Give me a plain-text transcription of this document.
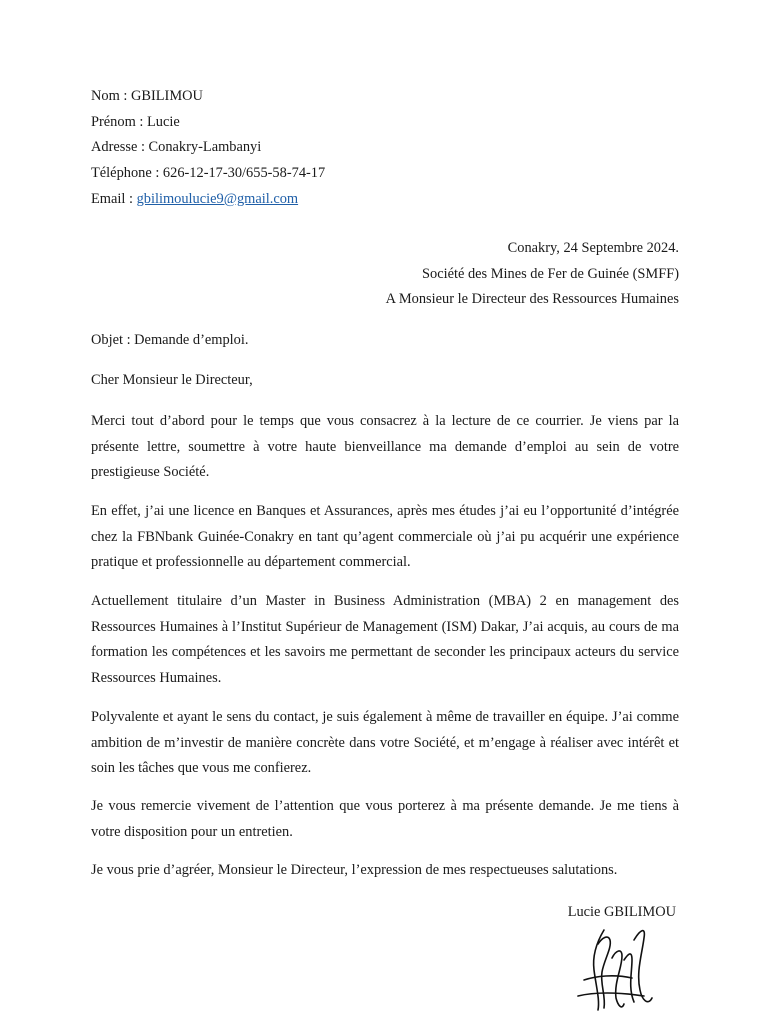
Nom : GBILIMOU
Prénom : Lucie
Adresse : Conakry-Lambanyi
Téléphone : 626-12-17-30/655-58-74-17
Email : gbilimoulucie9@gmail.com
Conakry, 24 Septembre 2024.
Société des Mines de Fer de Guinée (SMFF)
A Monsieur le Directeur des Ressources Humaines
Objet : Demande d’emploi.
Cher Monsieur le Directeur,
Merci tout d’abord pour le temps que vous consacrez à la lecture de ce courrier. Je viens par la présente lettre, soumettre à votre haute bienveillance ma demande d’emploi au sein de votre prestigieuse Société.
En effet, j’ai une licence en Banques et Assurances, après mes études j’ai eu l’opportunité d’intégrée chez la FBNbank Guinée-Conakry en tant qu’agent commerciale où j’ai pu acquérir une expérience pratique et professionnelle au département commercial.
Actuellement titulaire d’un Master in Business Administration (MBA) 2 en management des Ressources Humaines à l’Institut Supérieur de Management (ISM) Dakar, J’ai acquis, au cours de ma formation les compétences et les savoirs me permettant de seconder les principaux acteurs du service Ressources Humaines.
Polyvalente et ayant le sens du contact, je suis également à même de travailler en équipe. J’ai comme ambition de m’investir de manière concrète dans votre Société, et m’engage à réaliser avec intérêt et soin les tâches que vous me confierez.
Je vous remercie vivement de l’attention que vous porterez à ma présente demande. Je me tiens à votre disposition pour un entretien.
Je vous prie d’agréer, Monsieur le Directeur, l’expression de mes respectueuses salutations.
Lucie GBILIMOU
